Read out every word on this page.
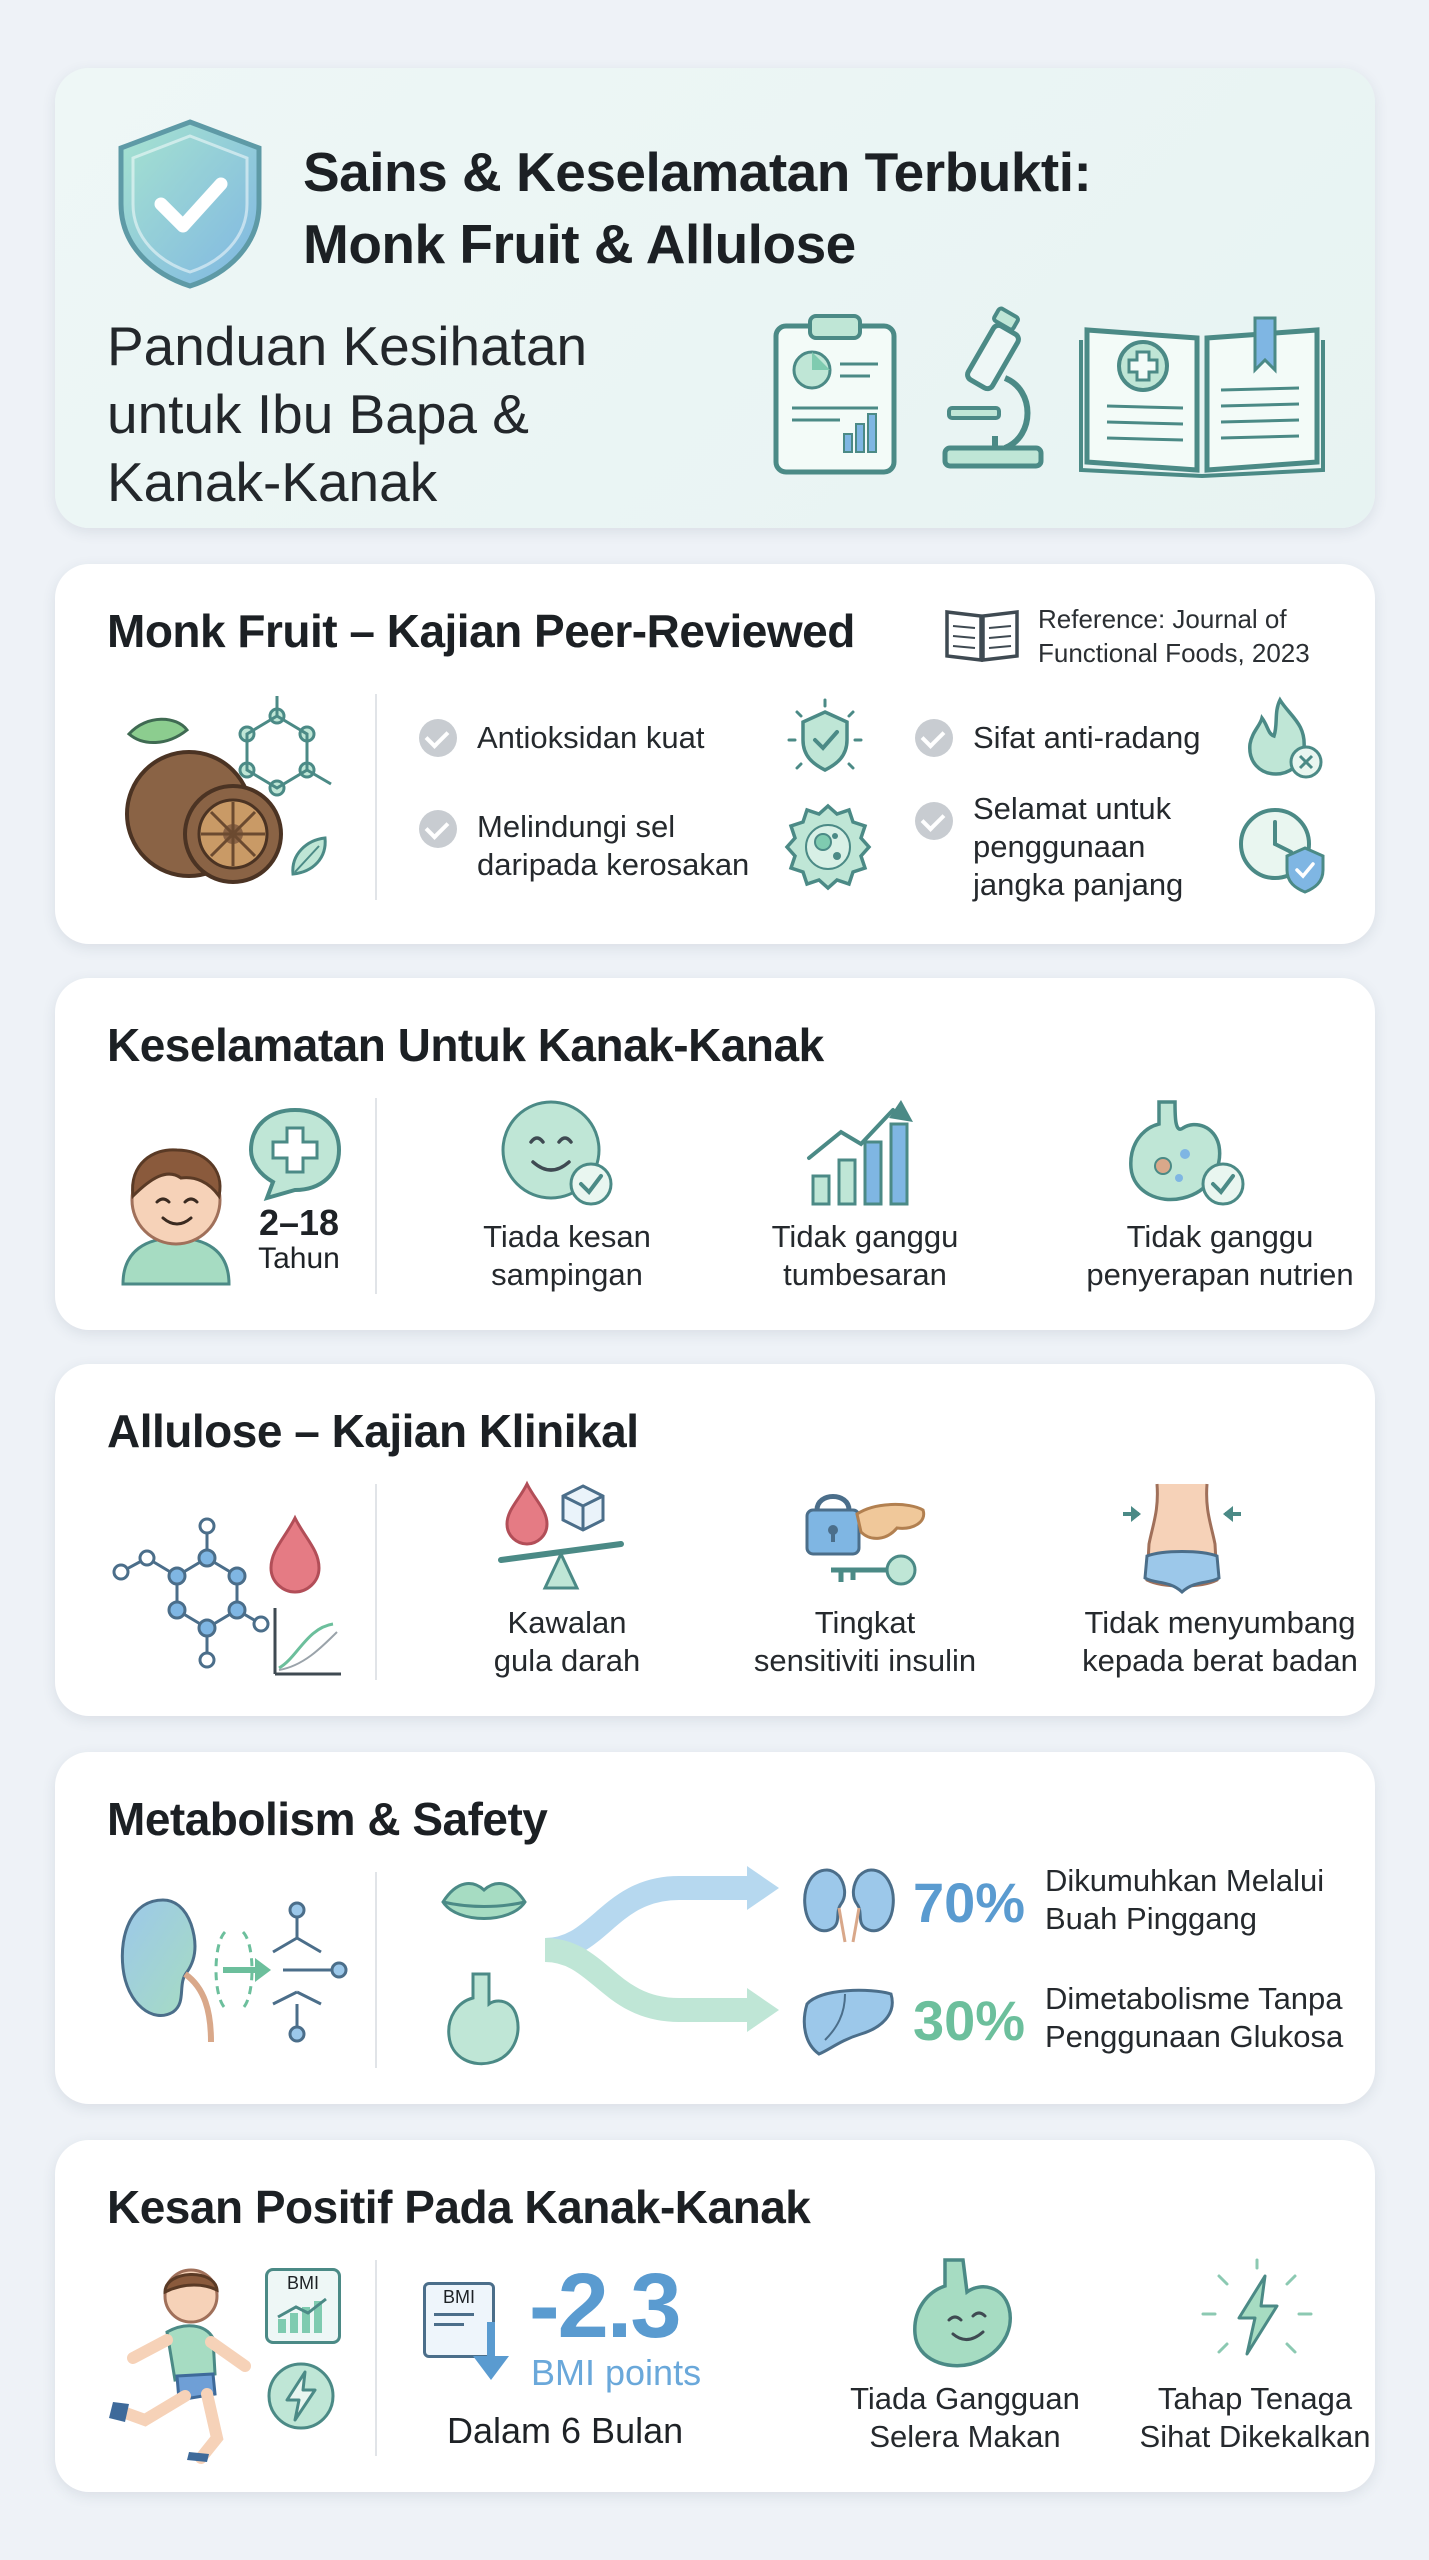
Sains & Keselamatan Terbukti:
Monk Fruit & Allulose
Panduan Kesihatan
untuk Ibu Bapa &
Kanak-Kanak
Monk Fruit – Kajian Peer-Reviewed	Reference: Journal of
Functional Foods, 2023
Antioksidan kuat	Sifat anti-radang
Melindungi sel
daripada kerosakan
Selamat untuk
penggunaan
jangka panjang
Keselamatan Untuk Kanak-Kanak
2–18
Tahun
Tiada kesan
sampingan
Tidak ganggu
tumbesaran
Tidak ganggu
penyerapan nutrien
Allulose – Kajian Klinikal
Kawalan
gula darah
Tingkat
sensitiviti insulin
Tidak menyumbang
kepada berat badan
Metabolism & Safety
70% Dikumuhkan Melalui
Buah Pinggang
30% Dimetabolisme Tanpa
Penggunaan Glukosa
Kesan Positif Pada Kanak-Kanak
BMI
BMI -2.3
BMI points
Dalam 6 Bulan
Tiada Gangguan
Selera Makan
Tahap Tenaga
Sihat Dikekalkan
